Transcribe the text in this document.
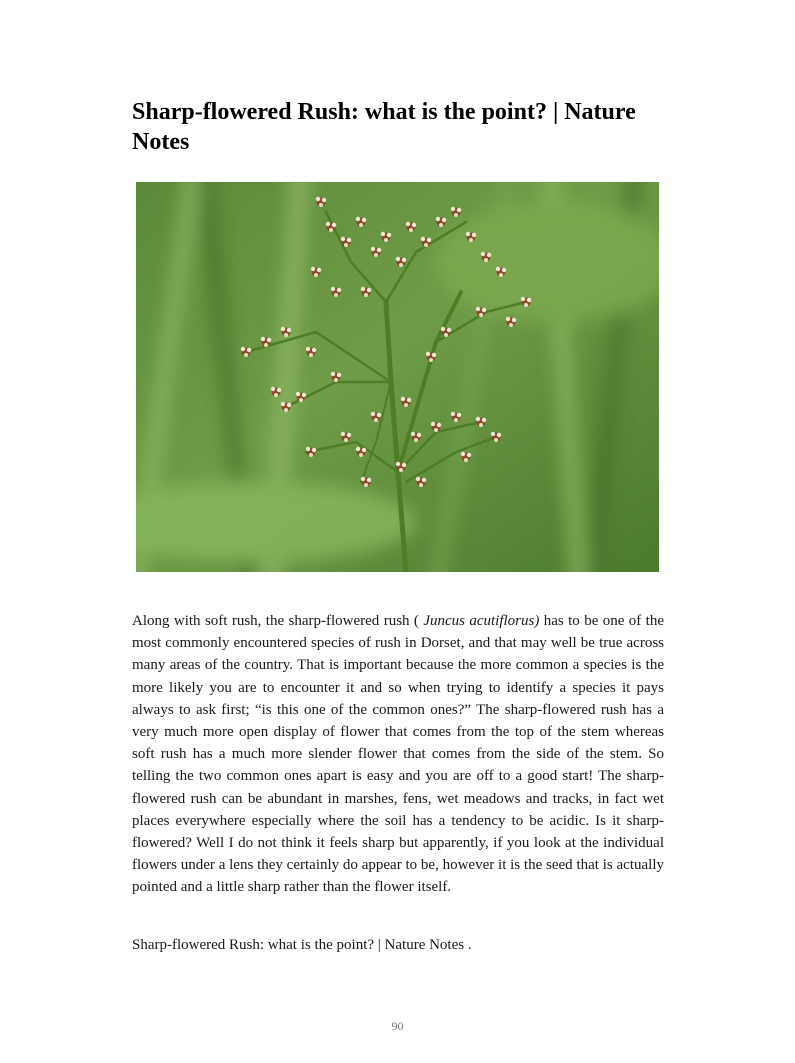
Sharp-flowered Rush: what is the point? | Nature Notes

Along with soft rush, the sharp-flowered rush ( Juncus acutiflorus) has to be one of the most commonly encountered species of rush in Dorset, and that may well be true across many areas of the country. That is important because the more common a species is the more likely you are to encounter it and so when trying to identify a species it pays always to ask first; “is this one of the common ones?” The sharp-flowered rush has a very much more open display of flower that comes from the top of the stem whereas soft rush has a much more slender flower that comes from the side of the stem. So telling the two common ones apart is easy and you are off to a good start! The sharp-flowered rush can be abundant in marshes, fens, wet meadows and tracks, in fact wet places everywhere especially where the soil has a tendency to be acidic. Is it sharp-flowered? Well I do not think it feels sharp but apparently, if you look at the individual flowers under a lens they certainly do appear to be, however it is the seed that is actually pointed and a little sharp rather than the flower itself.

Sharp-flowered Rush: what is the point? | Nature Notes .

90
